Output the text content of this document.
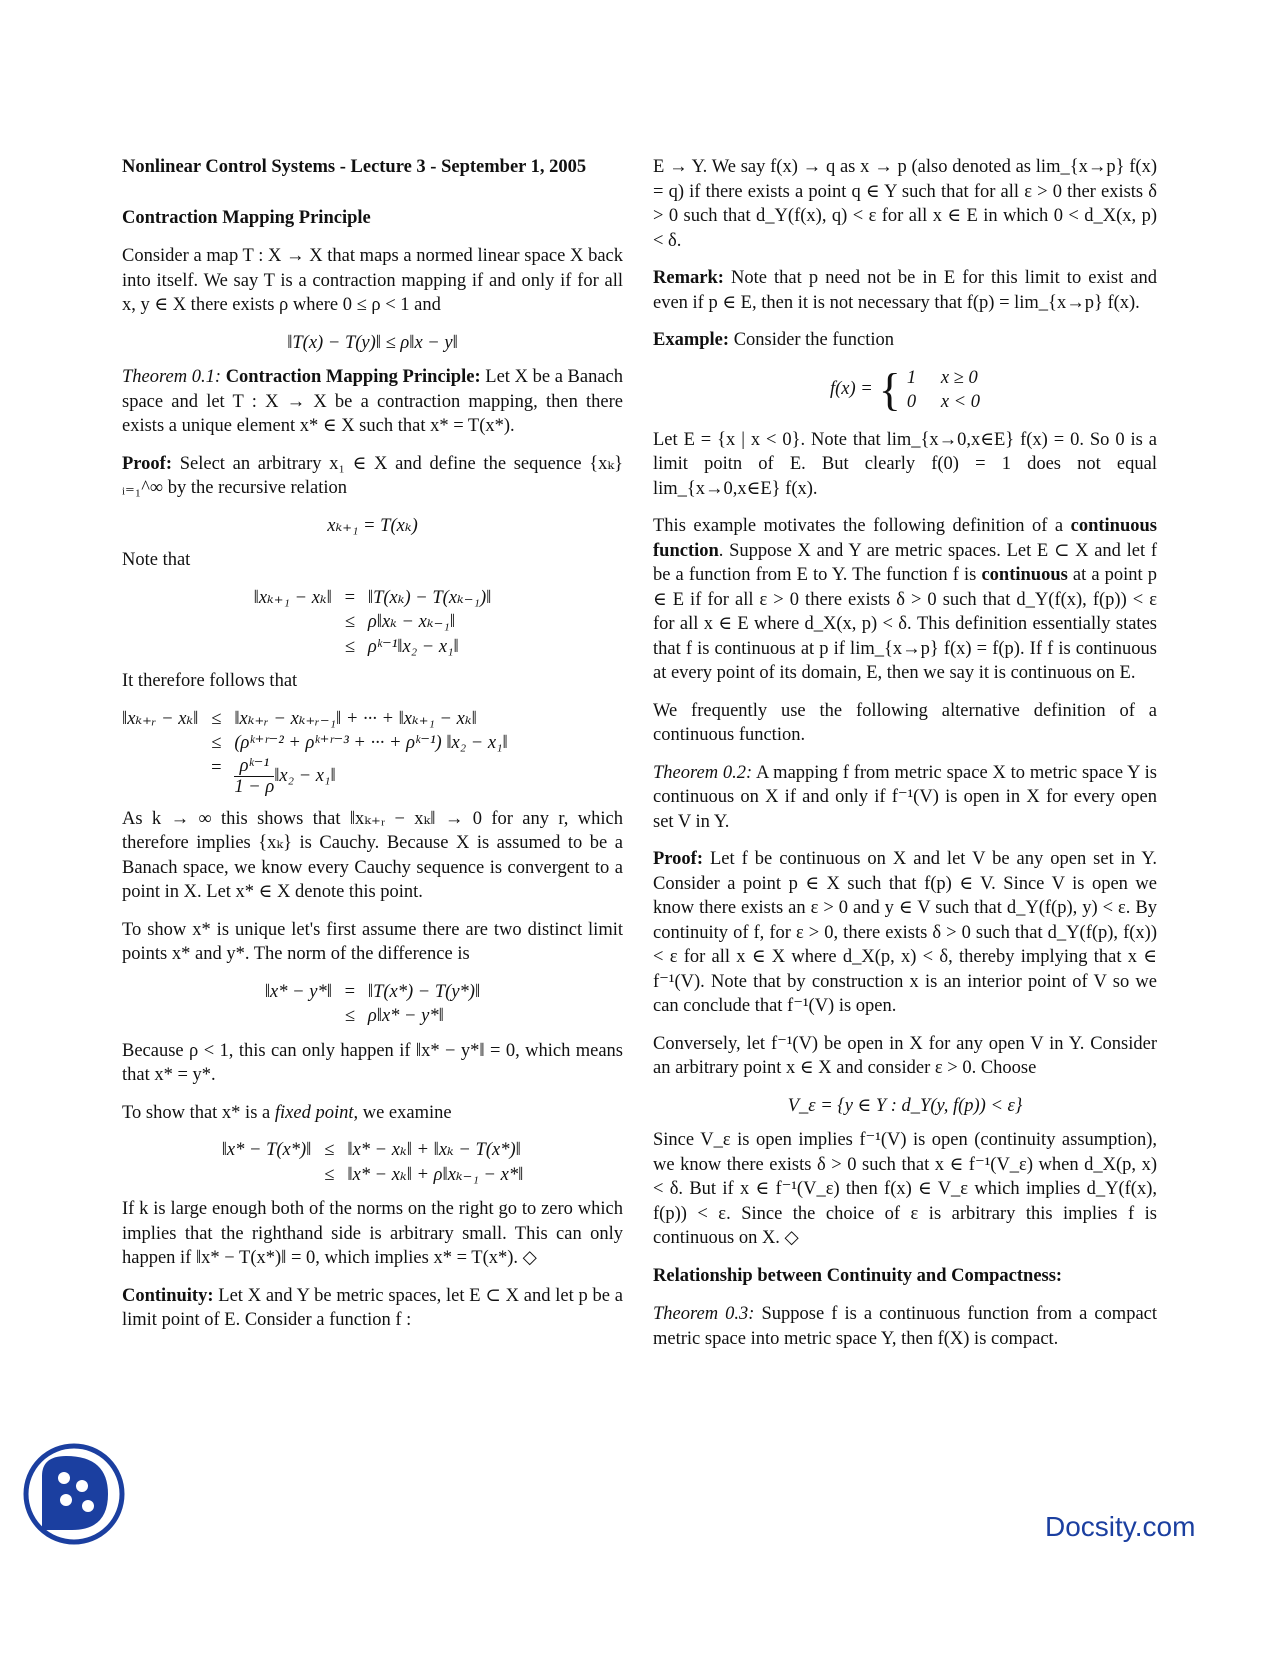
Nonlinear Control Systems - Lecture 3 - September 1, 2005

Contraction Mapping Principle

Consider a map T : X → X that maps a normed linear space X back into itself. We say T is a contraction mapping if and only if for all x, y ∈ X there exists ρ where 0 ≤ ρ < 1 and

‖T(x) − T(y)‖ ≤ ρ‖x − y‖

Theorem 0.1: Contraction Mapping Principle: Let X be a Banach space and let T : X → X be a contraction mapping, then there exists a unique element x* ∈ X such that x* = T(x*).

Proof: Select an arbitrary x₁ ∈ X and define the sequence {xₖ}ᵢ₌₁^∞ by the recursive relation

xₖ₊₁ = T(xₖ)

Note that

‖xₖ₊₁ − xₖ‖ = ‖T(xₖ) − T(xₖ₋₁)‖
≤ ρ‖xₖ − xₖ₋₁‖
≤ ρᵏ⁻¹‖x₂ − x₁‖

It therefore follows that

‖xₖ₊ᵣ − xₖ‖ ≤ ‖xₖ₊ᵣ − xₖ₊ᵣ₋₁‖ + ··· + ‖xₖ₊₁ − xₖ‖
≤ (ρᵏ⁺ʳ⁻² + ρᵏ⁺ʳ⁻³ + ··· + ρᵏ⁻¹) ‖x₂ − x₁‖
= $\frac{\text{ρᵏ⁻¹}}{1 - \rho}$ ‖x₂ − x₁‖

As k → ∞ this shows that ‖xₖ₊ᵣ − xₖ‖ → 0 for any r, which therefore implies {xₖ} is Cauchy. Because X is assumed to be a Banach space, we know every Cauchy sequence is convergent to a point in X. Let x* ∈ X denote this point.

To show x* is unique let's first assume there are two distinct limit points x* and y*. The norm of the difference is

‖x* − y*‖ = ‖T(x*) − T(y*)‖
≤ ρ‖x* − y*‖

Because ρ < 1, this can only happen if ‖x* − y*‖ = 0, which means that x* = y*.

To show that x* is a fixed point, we examine

‖x* − T(x*)‖ ≤ ‖x* − xₖ‖ + ‖xₖ − T(x*)‖
≤ ‖x* − xₖ‖ + ρ‖xₖ₋₁ − x*‖

If k is large enough both of the norms on the right go to zero which implies that the righthand side is arbitrary small. This can only happen if ‖x* − T(x*)‖ = 0, which implies x* = T(x*). ◇

Continuity: Let X and Y be metric spaces, let E ⊂ X and let p be a limit point of E. Consider a function f :

E → Y. We say f(x) → q as x → p (also denoted as lim_{x→p} f(x) = q) if there exists a point q ∈ Y such that for all ε > 0 ther exists δ > 0 such that d_Y(f(x), q) < ε for all x ∈ E in which 0 < d_X(x, p) < δ.

Remark: Note that p need not be in E for this limit to exist and even if p ∈ E, then it is not necessary that f(p) = lim_{x→p} f(x).

Example: Consider the function

f(x) = { 1	x ≥ 0
0	x < 0

Let E = {x | x < 0}. Note that lim_{x→0,x∈E} f(x) = 0. So 0 is a limit poitn of E. But clearly f(0) = 1 does not equal lim_{x→0,x∈E} f(x).

This example motivates the following definition of a continuous function. Suppose X and Y are metric spaces. Let E ⊂ X and let f be a function from E to Y. The function f is continuous at a point p ∈ E if for all ε > 0 there exists δ > 0 such that d_Y(f(x), f(p)) < ε for all x ∈ E where d_X(x, p) < δ. This definition essentially states that f is continuous at p if lim_{x→p} f(x) = f(p). If f is continuous at every point of its domain, E, then we say it is continuous on E.

We frequently use the following alternative definition of a continuous function.

Theorem 0.2: A mapping f from metric space X to metric space Y is continuous on X if and only if f⁻¹(V) is open in X for every open set V in Y.

Proof: Let f be continuous on X and let V be any open set in Y. Consider a point p ∈ X such that f(p) ∈ V. Since V is open we know there exists an ε > 0 and y ∈ V such that d_Y(f(p), y) < ε. By continuity of f, for ε > 0, there exists δ > 0 such that d_Y(f(p), f(x)) < ε for all x ∈ X where d_X(p, x) < δ, thereby implying that x ∈ f⁻¹(V). Note that by construction x is an interior point of V so we can conclude that f⁻¹(V) is open.

Conversely, let f⁻¹(V) be open in X for any open V in Y. Consider an arbitrary point x ∈ X and consider ε > 0. Choose

V_ε = {y ∈ Y : d_Y(y, f(p)) < ε}

Since V_ε is open implies f⁻¹(V) is open (continuity assumption), we know there exists δ > 0 such that x ∈ f⁻¹(V_ε) when d_X(p, x) < δ. But if x ∈ f⁻¹(V_ε) then f(x) ∈ V_ε which implies d_Y(f(x), f(p)) < ε. Since the choice of ε is arbitrary this implies f is continuous on X. ◇

Relationship between Continuity and Compactness:

Theorem 0.3: Suppose f is a continuous function from a compact metric space into metric space Y, then f(X) is compact.

Docsity.com
